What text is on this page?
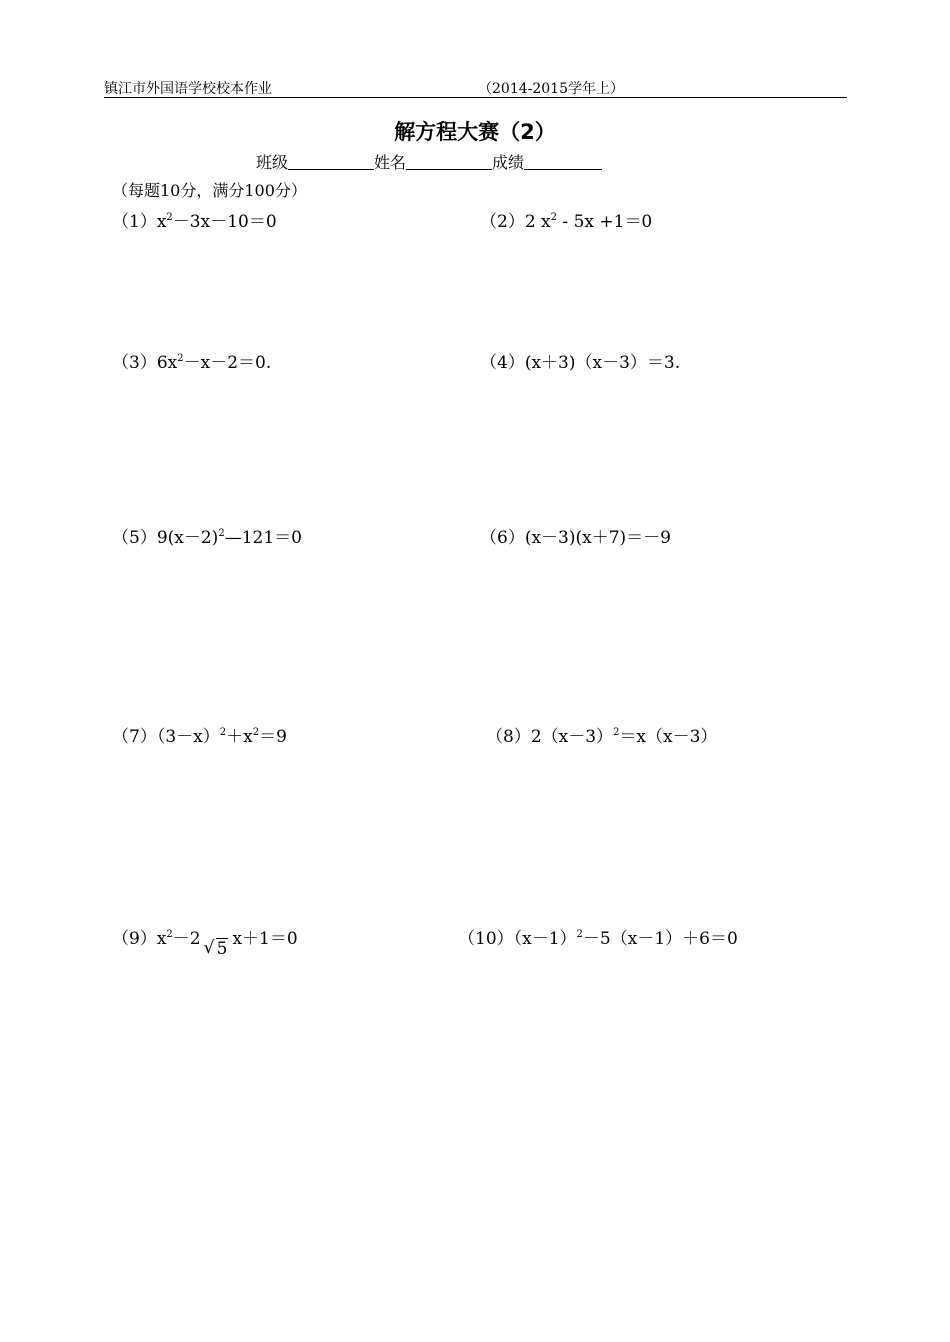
镇江市外国语学校校本作业	（2014-2015学年上）
解方程大赛（2）
班级	姓名	成绩
（每题10分，满分100分）
$(1)x^2-3x-10=0$	（2）2 $x^2 - 5x +1=0$
$(3)6x^2-x-2=0$.	（4）(x＋3)（x－3）＝3.
$(5)9(x-2)^2—121=0$	（6）(x－3)(x＋7)＝－9
$(7)(3-x)^2+x^2=9$	$(8)2(x-3)^2=x(x-3)$
$(9)x^2-2√$ 5 x＋1＝0	$(10)(x-1)^2-5(x-1)+6=0$
